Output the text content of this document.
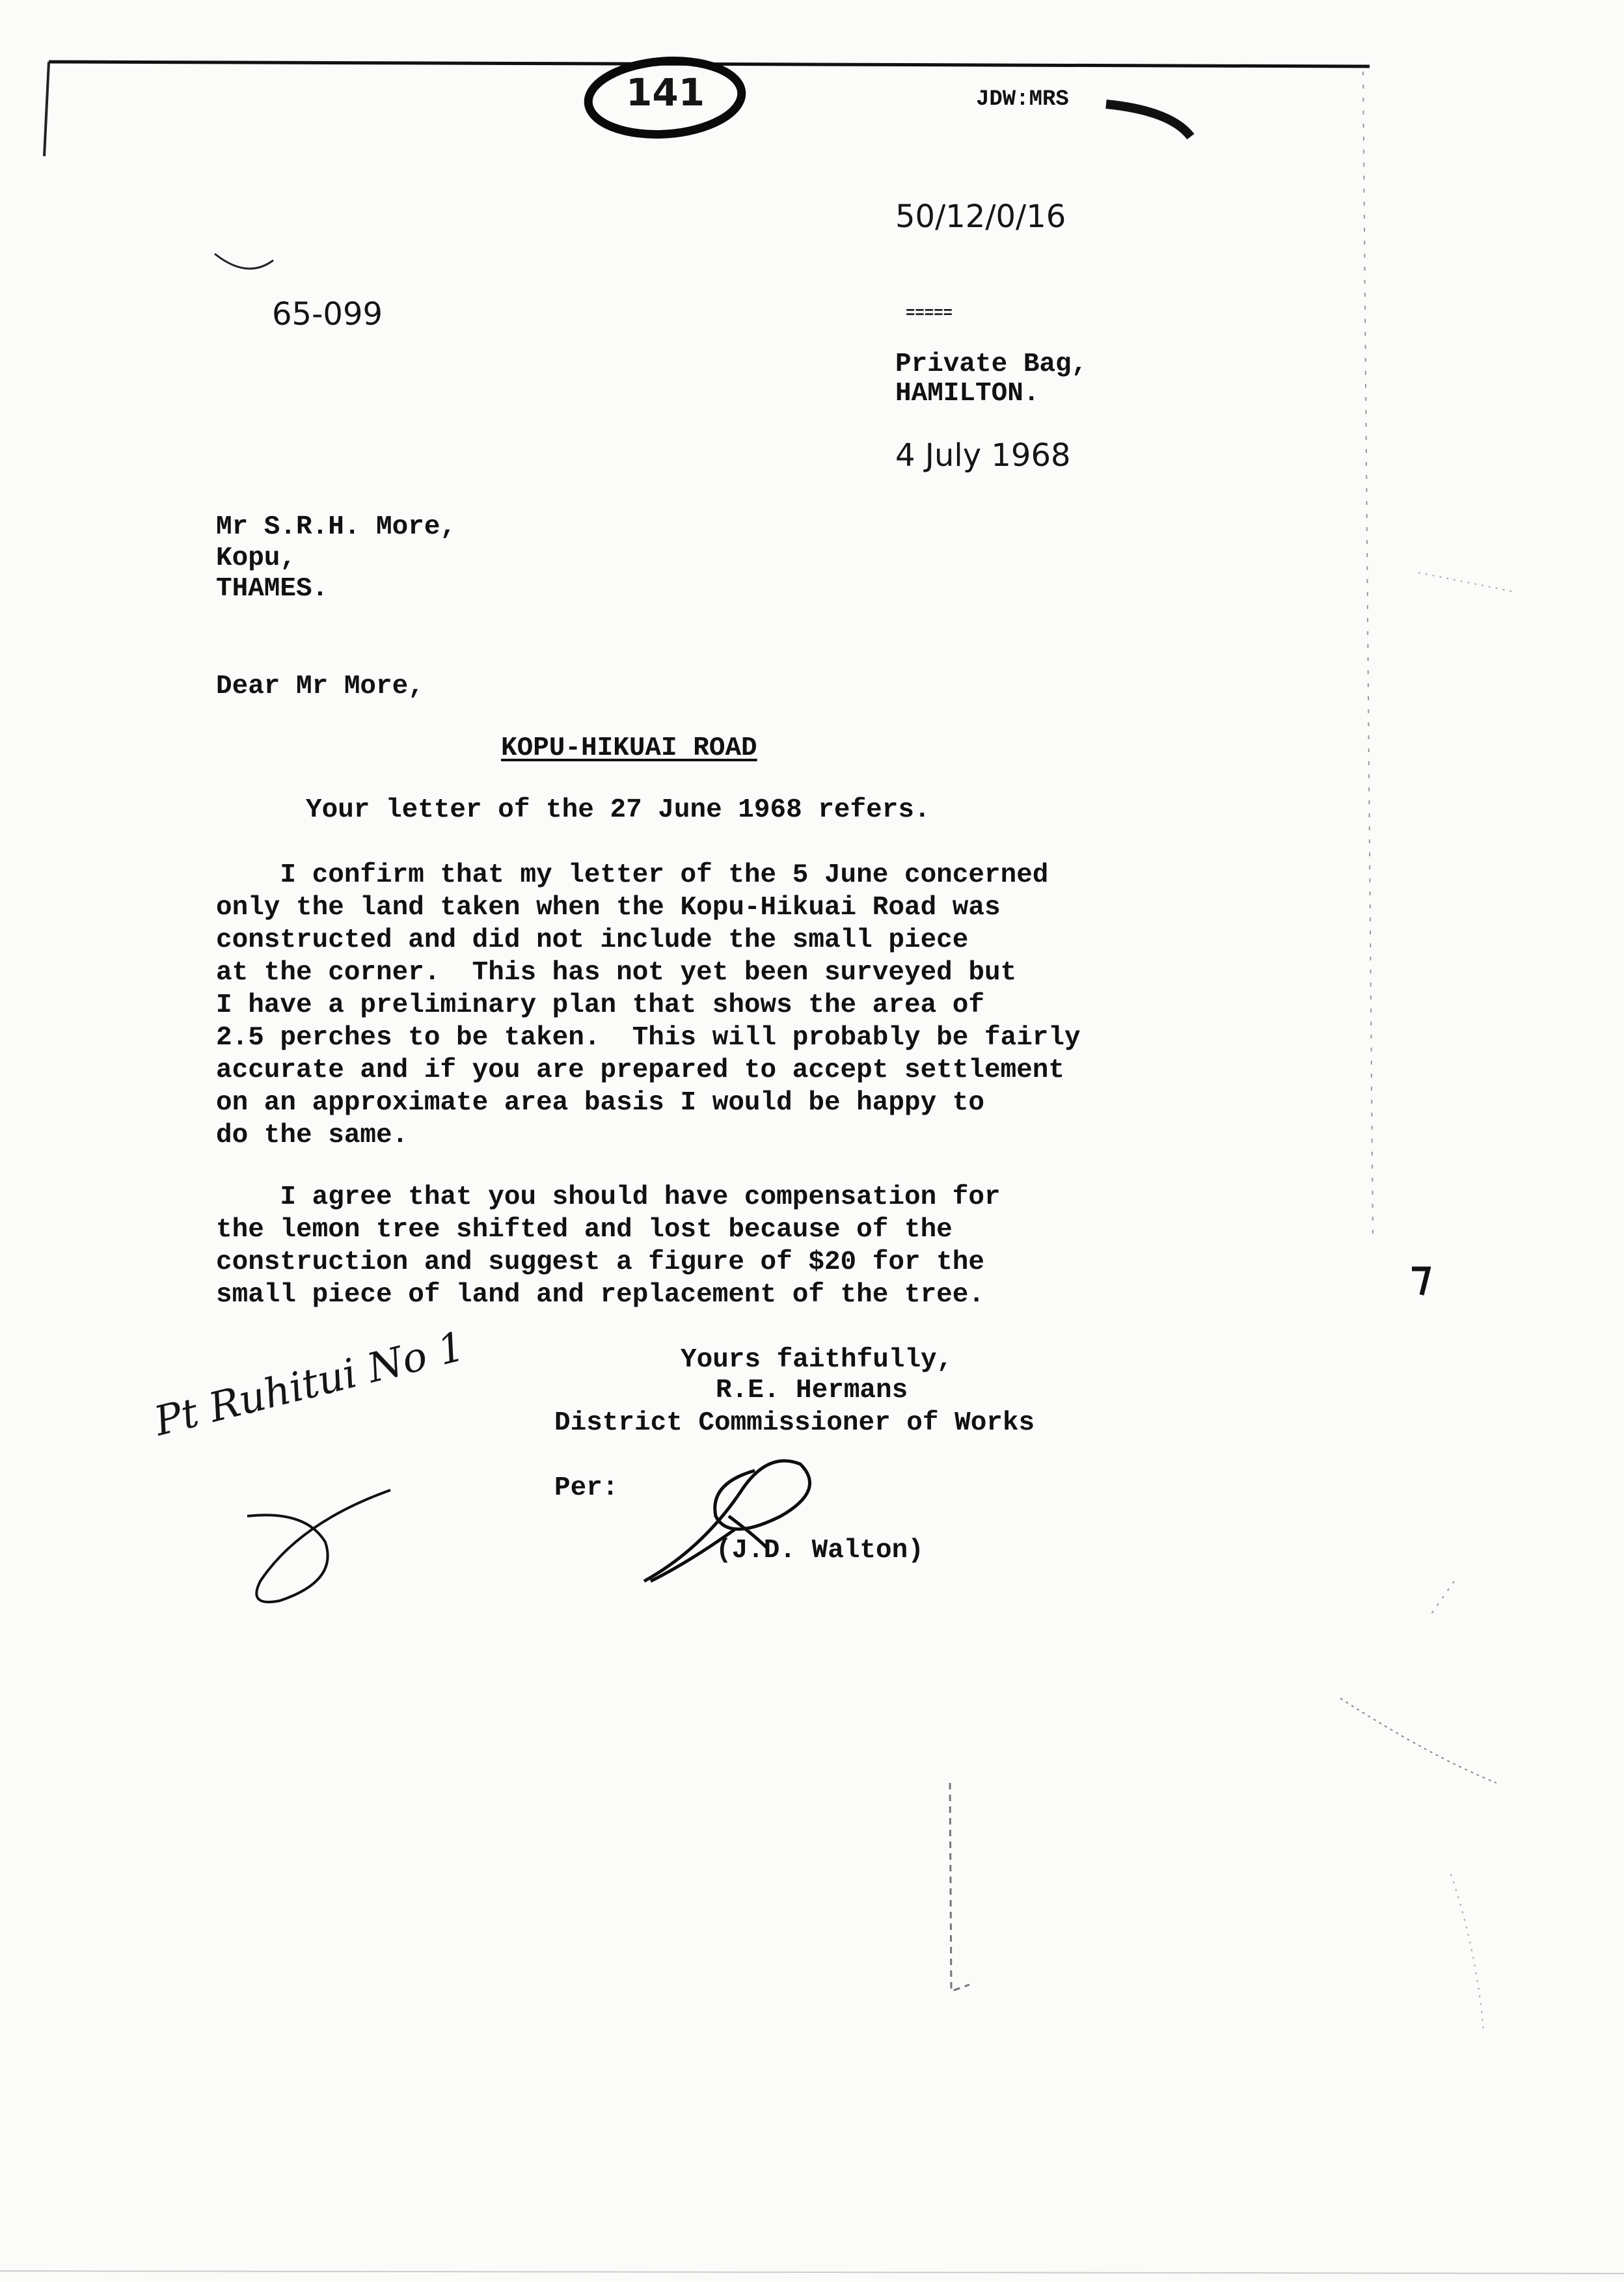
141	JDW:MRS
50/12/0/16
65-099	=====
Private Bag,
HAMILTON.
4 July 1968
Mr S.R.H. More,
Kopu,
THAMES.
Dear Mr More,
KOPU-HIKUAI ROAD
Your letter of the 27 June 1968 refers.
I confirm that my letter of the 5 June concerned
only the land taken when the Kopu-Hikuai Road was
constructed and did not include the small piece
at the corner.  This has not yet been surveyed but
I have a preliminary plan that shows the area of
2.5 perches to be taken.  This will probably be fairly
accurate and if you are prepared to accept settlement
on an approximate area basis I would be happy to
do the same.
I agree that you should have compensation for
the lemon tree shifted and lost because of the
construction and suggest a figure of $20 for the
small piece of land and replacement of the tree.
Yours faithfully,
R.E. Hermans
District Commissioner of Works
Per:
(J.D. Walton)
Pt Ruhitui No 1
